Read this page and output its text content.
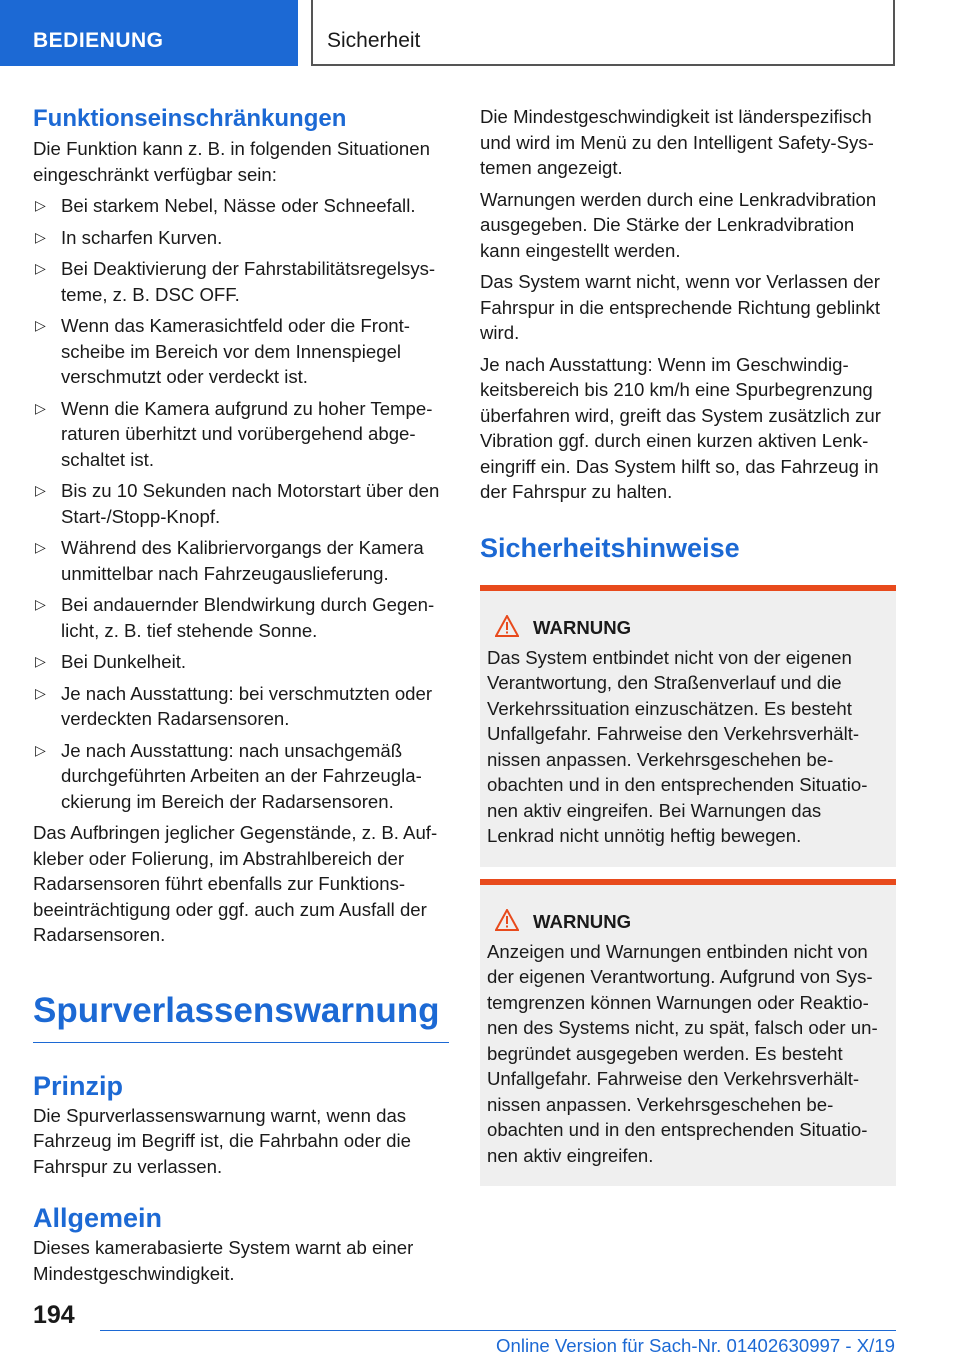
BEDIENUNG	Sicherheit
Funktionseinschränkungen

Die Funktion kann z. B. in folgenden Situationen eingeschränkt verfügbar sein:

▷ Bei starkem Nebel, Nässe oder Schneefall.
▷ In scharfen Kurven.
▷ Bei Deaktivierung der Fahrstabilitätsregelsysteme, z. B. DSC OFF.
▷ Wenn das Kamerasichtfeld oder die Frontscheibe im Bereich vor dem Innenspiegel verschmutzt oder verdeckt ist.
▷ Wenn die Kamera aufgrund zu hoher Temperaturen überhitzt und vorübergehend abgeschaltet ist.
▷ Bis zu 10 Sekunden nach Motorstart über den Start-/Stopp-Knopf.
▷ Während des Kalibriervorgangs der Kamera unmittelbar nach Fahrzeugauslieferung.
▷ Bei andauernder Blendwirkung durch Gegenlicht, z. B. tief stehende Sonne.
▷ Bei Dunkelheit.
▷ Je nach Ausstattung: bei verschmutzten oder verdeckten Radarsensoren.
▷ Je nach Ausstattung: nach unsachgemäß durchgeführten Arbeiten an der Fahrzeuglackierung im Bereich der Radarsensoren.

Das Aufbringen jeglicher Gegenstände, z. B. Aufkleber oder Folierung, im Abstrahlbereich der Radarsensoren führt ebenfalls zur Funktionsbeeinträchtigung oder ggf. auch zum Ausfall der Radarsensoren.

Spurverlassenswarnung
Prinzip

Die Spurverlassenswarnung warnt, wenn das Fahrzeug im Begriff ist, die Fahrbahn oder die Fahrspur zu verlassen.

Allgemein

Dieses kamerabasierte System warnt ab einer Mindestgeschwindigkeit.

Die Mindestgeschwindigkeit ist länderspezifisch und wird im Menü zu den Intelligent Safety-Systemen angezeigt.

Warnungen werden durch eine Lenkradvibration ausgegeben. Die Stärke der Lenkradvibration kann eingestellt werden.

Das System warnt nicht, wenn vor Verlassen der Fahrspur in die entsprechende Richtung geblinkt wird.

Je nach Ausstattung: Wenn im Geschwindigkeitsbereich bis 210 km/h eine Spurbegrenzung überfahren wird, greift das System zusätzlich zur Vibration ggf. durch einen kurzen aktiven Lenkeingriff ein. Das System hilft so, das Fahrzeug in der Fahrspur zu halten.

Sicherheitshinweise
WARNUNG
Das System entbindet nicht von der eigenen Verantwortung, den Straßenverlauf und die Verkehrssituation einzuschätzen. Es besteht Unfallgefahr. Fahrweise den Verkehrsverhältnissen anpassen. Verkehrsgeschehen beobachten und in den entsprechenden Situationen aktiv eingreifen. Bei Warnungen das Lenkrad nicht unnötig heftig bewegen.
WARNUNG
Anzeigen und Warnungen entbinden nicht von der eigenen Verantwortung. Aufgrund von Systemgrenzen können Warnungen oder Reaktionen des Systems nicht, zu spät, falsch oder unbegründet ausgegeben werden. Es besteht Unfallgefahr. Fahrweise den Verkehrsverhältnissen anpassen. Verkehrsgeschehen beobachten und in den entsprechenden Situationen aktiv eingreifen.
194
Online Version für Sach-Nr. 01402630997 - X/19
